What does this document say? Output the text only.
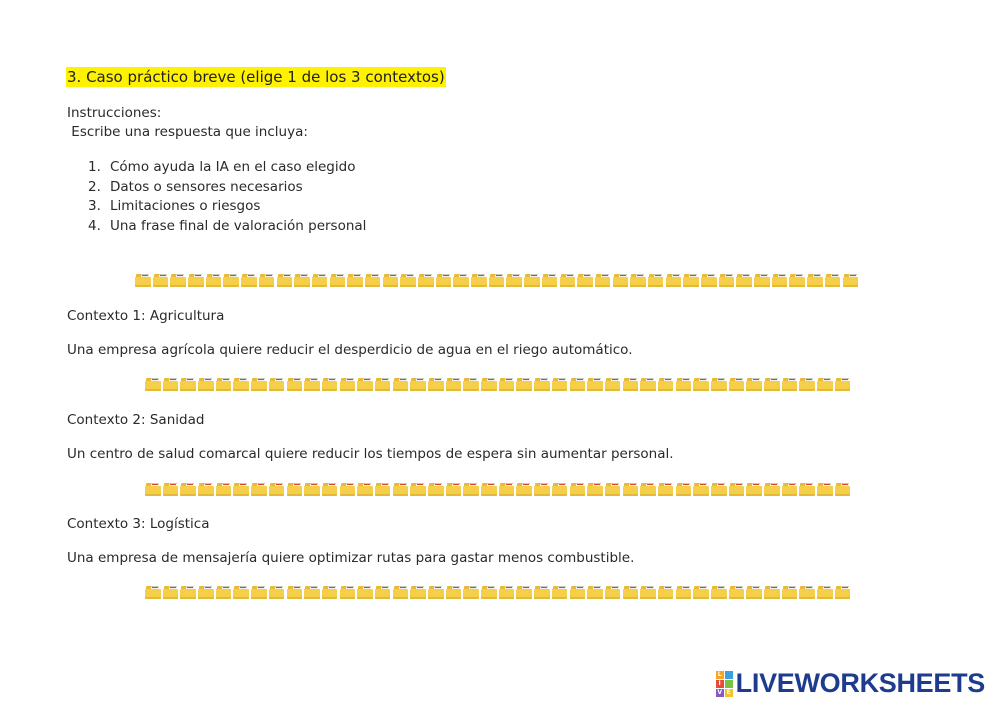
3. Caso práctico breve (elige 1 de los 3 contextos)
Instrucciones:
Escribe una respuesta que incluya:
1. Cómo ayuda la IA en el caso elegido
2. Datos o sensores necesarios
3. Limitaciones o riesgos
4. Una frase final de valoración personal
Contexto 1: Agricultura
Una empresa agrícola quiere reducir el desperdicio de agua en el riego automático.
Contexto 2: Sanidad
Un centro de salud comarcal quiere reducir los tiempos de espera sin aumentar personal.
Contexto 3: Logística
Una empresa de mensajería quiere optimizar rutas para gastar menos combustible.
L
I
V E LIVEWORKSHEETS
